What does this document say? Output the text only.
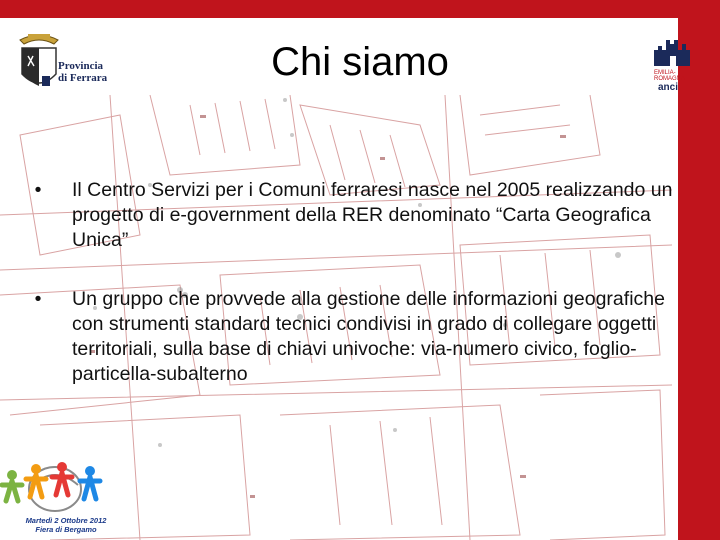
Provincia
di Ferrara	EMILIA-ROMAGNA
anci
Chi siamo
•	Il Centro Servizi per i Comuni ferraresi nasce nel 2005 realizzando un progetto di e-government della RER denominato “Carta Geografica Unica”
•	Un gruppo che provvede alla gestione delle informazioni geografiche con strumenti standard tecnici condivisi in grado di collegare oggetti territoriali, sulla base di chiavi univoche: via-numero civico, foglio- particella-subalterno
Martedì 2 Ottobre 2012
Fiera di Bergamo
